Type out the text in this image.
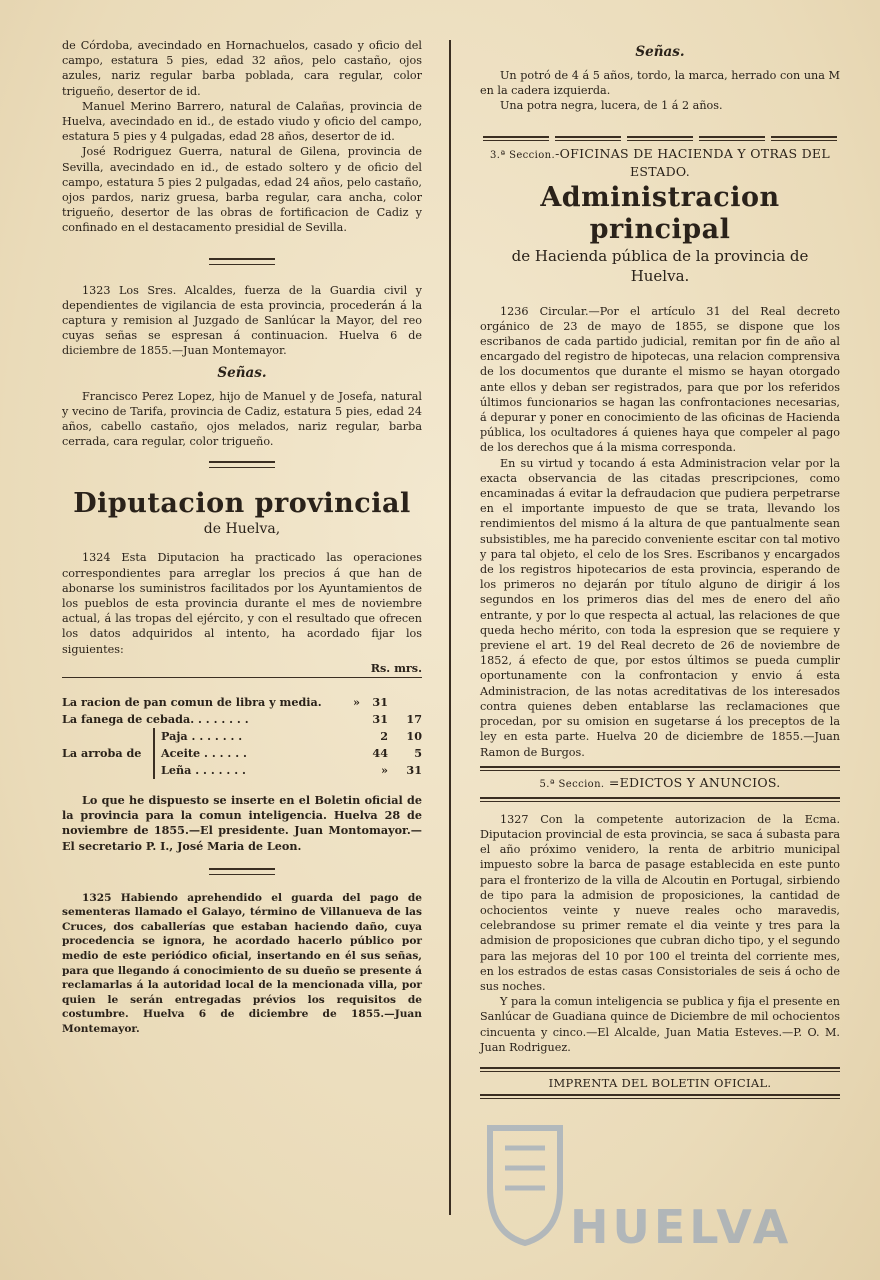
de Córdoba, avecindado en Hornachuelos, casado y oficio del campo, estatura 5 pies, edad 32 años, pelo castaño, ojos azules, nariz regular barba poblada, cara regular, color trigueño, desertor de id.

Manuel Merino Barrero, natural de Calañas, provincia de Huelva, avecindado en id., de estado viudo y oficio del campo, estatura 5 pies y 4 pulgadas, edad 28 años, desertor de id.

José Rodriguez Guerra, natural de Gilena, provincia de Sevilla, avecindado en id., de estado soltero y de oficio del campo, estatura 5 pies 2 pulgadas, edad 24 años, pelo castaño, ojos pardos, nariz gruesa, barba regular, cara ancha, color trigueño, desertor de las obras de fortificacion de Cadiz y confinado en el destacamento presidial de Sevilla.

1323 Los Sres. Alcaldes, fuerza de la Guardia civil y dependientes de vigilancia de esta provincia, procederán á la captura y remision al Juzgado de Sanlúcar la Mayor, del reo cuyas señas se espresan á continuacion. Huelva 6 de diciembre de 1855.—Juan Montemayor.

Señas.

Francisco Perez Lopez, hijo de Manuel y de Josefa, natural y vecino de Tarifa, provincia de Cadiz, estatura 5 pies, edad 24 años, cabello castaño, ojos melados, nariz regular, barba cerrada, cara regular, color trigueño.

Diputacion provincial
de Huelva,

1324 Esta Diputacion ha practicado las operaciones correspondientes para arreglar los precios á que han de abonarse los suministros facilitados por los Ayuntamientos de los pueblos de esta provincia durante el mes de noviembre actual, á las tropas del ejército, y con el resultado que ofrecen los datos adquiridos al intento, ha acordado fijar los siguientes:

Rs. mrs.
La racion de pan comun de libra y media.	»	31	
La fanega de cebada. . . . . . . .		31	17
La arroba de	Paja . . . . . . .	2	10
	Aceite . . . . . .	44	5
	Leña . . . . . . .	»	31

Lo que he dispuesto se inserte en el Boletin oficial de la provincia para la comun inteligencia. Huelva 28 de noviembre de 1855.—El presidente. Juan Montomayor.—El secretario P. I., José Maria de Leon.

1325 Habiendo aprehendido el guarda del pago de sementeras llamado el Galayo, término de Villanueva de las Cruces, dos caballerías que estaban haciendo daño, cuya procedencia se ignora, he acordado hacerlo público por medio de este periódico oficial, insertando en él sus señas, para que llegando á conocimiento de su dueño se presente á reclamarlas á la autoridad local de la mencionada villa, por quien le serán entregadas prévios los requisitos de costumbre. Huelva 6 de diciembre de 1855.—Juan Montemayor.

Señas.

Un potró de 4 á 5 años, tordo, la marca, herrado con una M en la cadera izquierda.

Una potra negra, lucera, de 1 á 2 años.

3.ª Seccion.-OFICINAS DE HACIENDA Y OTRAS DEL ESTADO.
Administracion principal
de Hacienda pública de la provincia de Huelva.

1236 Circular.—Por el artículo 31 del Real decreto orgánico de 23 de mayo de 1855, se dispone que los escribanos de cada partido judicial, remitan por fin de año al encargado del registro de hipotecas, una relacion comprensiva de los documentos que durante el mismo se hayan otorgado ante ellos y deban ser registrados, para que por los referidos últimos funcionarios se hagan las confrontaciones necesarias, á depurar y poner en conocimiento de las oficinas de Hacienda pública, los ocultadores á quienes haya que compeler al pago de los derechos que á la misma corresponda.

En su virtud y tocando á esta Administracion velar por la exacta observancia de las citadas prescripciones, como encaminadas á evitar la defraudacion que pudiera perpetrarse en el importante impuesto de que se trata, llevando los rendimientos del mismo á la altura de que pantualmente sean subsistibles, me ha parecido conveniente escitar con tal motivo y para tal objeto, el celo de los Sres. Escribanos y encargados de los registros hipotecarios de esta provincia, esperando de los primeros no dejarán por título alguno de dirigir á los segundos en los primeros dias del mes de enero del año entrante, y por lo que respecta al actual, las relaciones de que queda hecho mérito, con toda la espresion que se requiere y previene el art. 19 del Real decreto de 26 de noviembre de 1852, á efecto de que, por estos últimos se pueda cumplir oportunamente con la confrontacion y envio á esta Administracion, de las notas acreditativas de los interesados contra quienes deben entablarse las reclamaciones que procedan, por su omision en sugetarse á los preceptos de la ley en esta parte. Huelva 20 de diciembre de 1855.—Juan Ramon de Burgos.

5.ª Seccion. =EDICTOS Y ANUNCIOS.

1327 Con la competente autorizacion de la Ecma. Diputacion provincial de esta provincia, se saca á subasta para el año próximo venidero, la renta de arbitrio municipal impuesto sobre la barca de pasage establecida en este punto para el fronterizo de la villa de Alcoutin en Portugal, sirbiendo de tipo para la admision de proposiciones, la cantidad de ochocientos veinte y nueve reales ocho maravedis, celebrandose su primer remate el dia veinte y tres para la admision de proposiciones que cubran dicho tipo, y el segundo para las mejoras del 10 por 100 el treinta del corriente mes, en los estrados de estas casas Consistoriales de seis á ocho de sus noches.

Y para la comun inteligencia se publica y fija el presente en Sanlúcar de Guadiana quince de Diciembre de mil ochocientos cincuenta y cinco.—El Alcalde, Juan Matia Esteves.—P. O. M. Juan Rodriguez.

IMPRENTA DEL BOLETIN OFICIAL.
HUELVA
